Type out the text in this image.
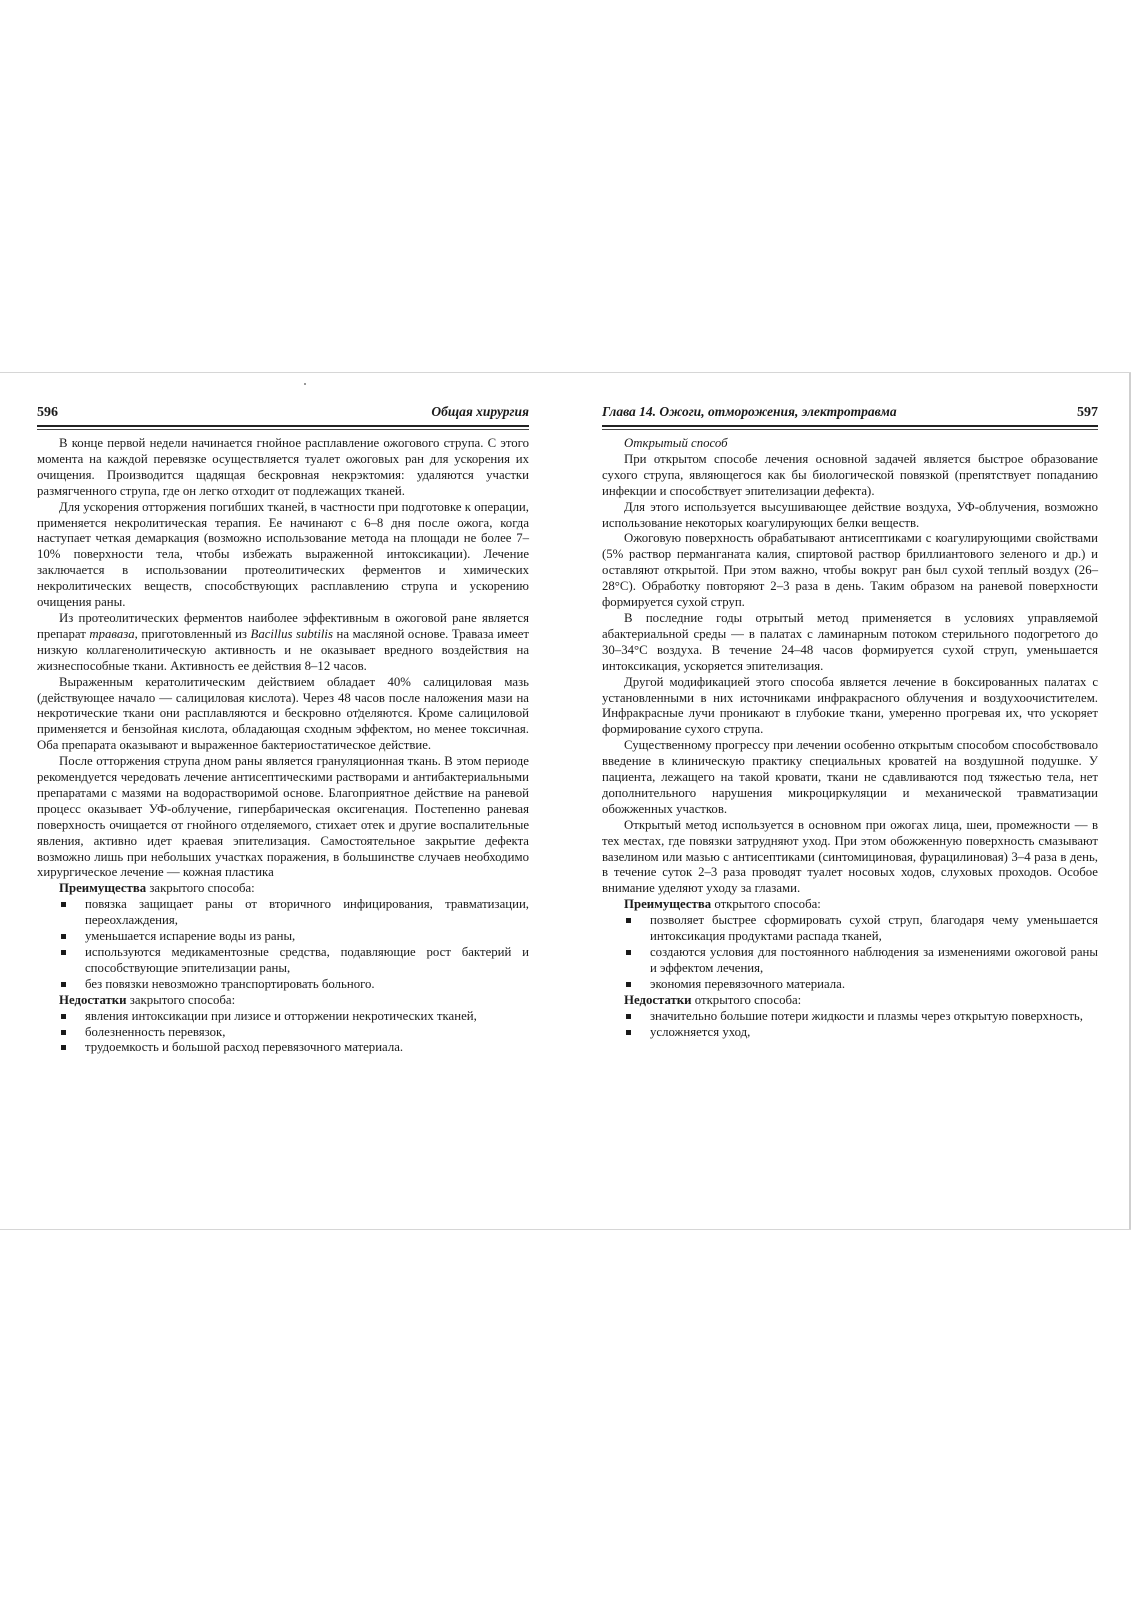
596	Общая хирургия

В конце первой недели начинается гнойное расплавление ожогового струпа. С этого момента на каждой перевязке осуществляется туалет ожоговых ран для ускорения их очищения. Производится щадящая бескровная некрэктомия: удаляются участки размягченного струпа, где он легко отходит от подлежащих тканей.

Для ускорения отторжения погибших тканей, в частности при подготовке к операции, применяется некролитическая терапия. Ее начинают с 6–8 дня после ожога, когда наступает четкая демаркация (возможно использование метода на площади не более 7–10% поверхности тела, чтобы избежать выраженной интоксикации). Лечение заключается в использовании протеолитических ферментов и химических некролитических веществ, способствующих расплавлению струпа и ускорению очищения раны.

Из протеолитических ферментов наиболее эффективным в ожоговой ране является препарат траваза, приготовленный из Bacillus subtilis на масляной основе. Траваза имеет низкую коллагенолитическую активность и не оказывает вредного воздействия на жизнеспособные ткани. Активность ее действия 8–12 часов.

Выраженным кератолитическим действием обладает 40% салициловая мазь (действующее начало — салициловая кислота). Через 48 часов после наложения мази на некротические ткани они расплавляются и бескровно отделяются. Кроме салициловой применяется и бензойная кислота, обладающая сходным эффектом, но менее токсичная. Оба препарата оказывают и выраженное бактериостатическое действие.

После отторжения струпа дном раны является грануляционная ткань. В этом периоде рекомендуется чередовать лечение антисептическими растворами и антибактериальными препаратами с мазями на водорастворимой основе. Благоприятное действие на раневой процесс оказывает УФ-облучение, гипербарическая оксигенация. Постепенно раневая поверхность очищается от гнойного отделяемого, стихает отек и другие воспалительные явления, активно идет краевая эпителизация. Самостоятельное закрытие дефекта возможно лишь при небольших участках поражения, в большинстве случаев необходимо хирургическое лечение — кожная пластика

Преимущества закрытого способа:
повязка защищает раны от вторичного инфицирования, травматизации, переохлаждения,
уменьшается испарение воды из раны,
используются медикаментозные средства, подавляющие рост бактерий и способствующие эпителизации раны,
без повязки невозможно транспортировать больного.
Недостатки закрытого способа:
явления интоксикации при лизисе и отторжении некротических тканей,
болезненность перевязок,
трудоемкость и большой расход перевязочного материала.
Глава 14. Ожоги, отморожения, электротравма	597
Открытый способ

При открытом способе лечения основной задачей является быстрое образование сухого струпа, являющегося как бы биологической повязкой (препятствует попаданию инфекции и способствует эпителизации дефекта).

Для этого используется высушивающее действие воздуха, УФ-облучения, возможно использование некоторых коагулирующих белки веществ.

Ожоговую поверхность обрабатывают антисептиками с коагулирующими свойствами (5% раствор перманганата калия, спиртовой раствор бриллиантового зеленого и др.) и оставляют открытой. При этом важно, чтобы вокруг ран был сухой теплый воздух (26–28°С). Обработку повторяют 2–3 раза в день. Таким образом на раневой поверхности формируется сухой струп.

В последние годы отрытый метод применяется в условиях управляемой абактериальной среды — в палатах с ламинарным потоком стерильного подогретого до 30–34°С воздуха. В течение 24–48 часов формируется сухой струп, уменьшается интоксикация, ускоряется эпителизация.

Другой модификацией этого способа является лечение в боксированных палатах с установленными в них источниками инфракрасного облучения и воздухоочистителем. Инфракрасные лучи проникают в глубокие ткани, умеренно прогревая их, что ускоряет формирование сухого струпа.

Существенному прогрессу при лечении особенно открытым способом способствовало введение в клиническую практику специальных кроватей на воздушной подушке. У пациента, лежащего на такой кровати, ткани не сдавливаются под тяжестью тела, нет дополнительного нарушения микроциркуляции и механической травматизации обожженных участков.

Открытый метод используется в основном при ожогах лица, шеи, промежности — в тех местах, где повязки затрудняют уход. При этом обожженную поверхность смазывают вазелином или мазью с антисептиками (синтомициновая, фурацилиновая) 3–4 раза в день, в течение суток 2–3 раза проводят туалет носовых ходов, слуховых проходов. Особое внимание уделяют уходу за глазами.

Преимущества открытого способа:
позволяет быстрее сформировать сухой струп, благодаря чему уменьшается интоксикация продуктами распада тканей,
создаются условия для постоянного наблюдения за изменениями ожоговой раны и эффектом лечения,
экономия перевязочного материала.
Недостатки открытого способа:
значительно большие потери жидкости и плазмы через открытую поверхность,
усложняется уход,
